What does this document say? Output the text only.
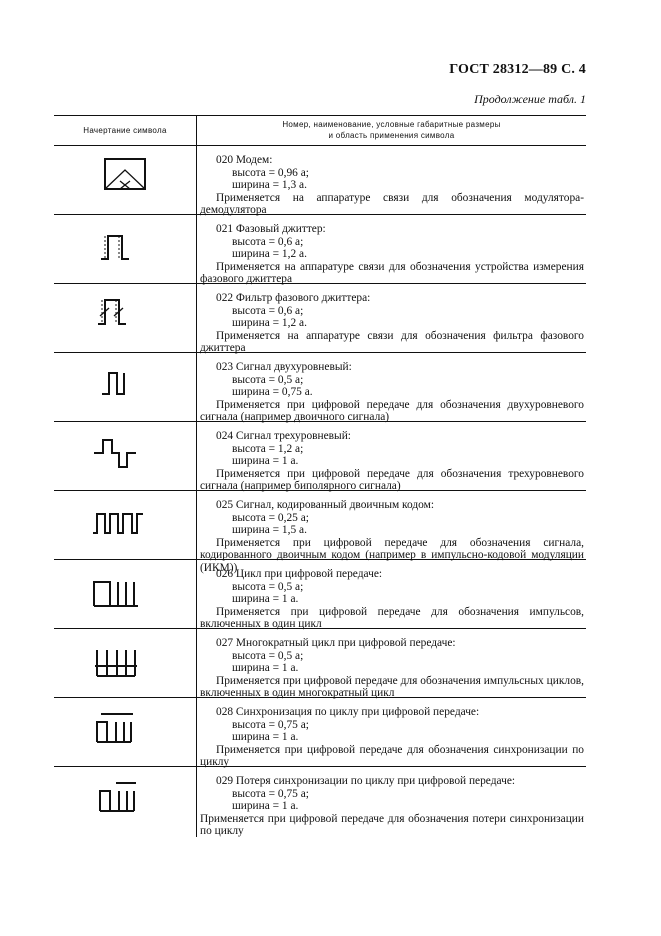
ГОСТ 28312—89 С. 4
Продолжение табл. 1
Начертание символа
Номер, наименование, условные габаритные размеры
и область применения символа
020 Модем:
высота = 0,96 а;
ширина = 1,3 а.
Применяется на аппаратуре связи для обозначения модулятора-демодулятора
021 Фазовый джиттер:
высота = 0,6 а;
ширина = 1,2 а.
Применяется на аппаратуре связи для обозначения устройства измерения фазового джиттера
022 Фильтр фазового джиттера:
высота = 0,6 а;
ширина = 1,2 а.
Применяется на аппаратуре связи для обозначения фильтра фазового джиттера
023 Сигнал двухуровневый:
высота = 0,5 а;
ширина = 0,75 а.
Применяется при цифровой передаче для обозначения двухуровневого сигнала (например двоичного сигнала)
024 Сигнал трехуровневый:
высота = 1,2 а;
ширина = 1 а.
Применяется при цифровой передаче для обозначения трехуровневого сигнала (например биполярного сигнала)
025 Сигнал, кодированный двоичным кодом:
высота = 0,25 а;
ширина = 1,5 а.
Применяется при цифровой передаче для обозначения сигнала, кодированного двоичным кодом (например в импульсно-кодовой модуляции (ИКМ))
026 Цикл при цифровой передаче:
высота = 0,5 а;
ширина = 1 а.
Применяется при цифровой передаче для обозначения импульсов, включенных в один цикл
027 Многократный цикл при цифровой передаче:
высота = 0,5 а;
ширина = 1 а.
Применяется при цифровой передаче для обозначения импульсных циклов, включенных в один многократный цикл
028 Синхронизация по циклу при цифровой передаче:
высота = 0,75 а;
ширина = 1 а.
Применяется при цифровой передаче для обозначения синхронизации по циклу
029 Потеря синхронизации по циклу при цифровой передаче:
высота = 0,75 а;
ширина = 1 а.
Применяется при цифровой передаче для обозначения потери синхронизации по циклу
